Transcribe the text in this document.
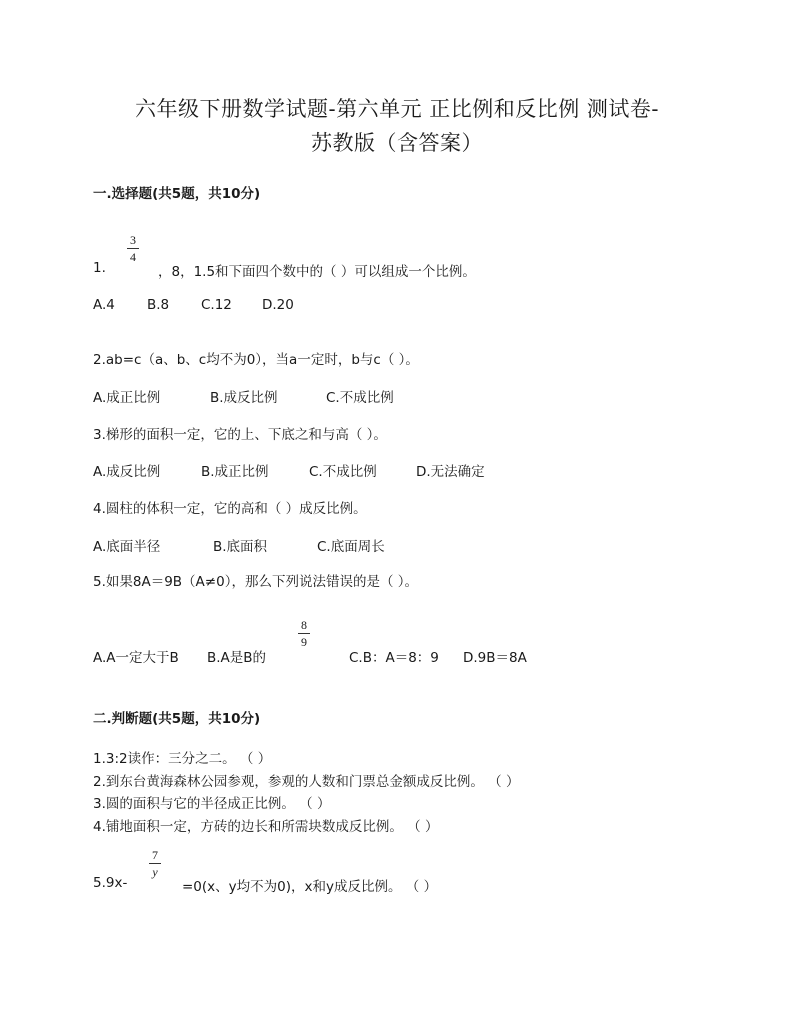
六年级下册数学试题-第六单元 正比例和反比例 测试卷-
苏教版（含答案）
一.选择题(共5题，共10分)
3
4
1.	，8，1.5和下面四个数中的（ ）可以组成一个比例。
A.4 B.8 C.12 D.20
2.ab=c（a、b、c均不为0），当a一定时，b与c（ ）。
A.成正比例	B.成反比例	C.不成比例
3.梯形的面积一定，它的上、下底之和与高（ ）。
A.成反比例	B.成正比例	C.不成比例	D.无法确定
4.圆柱的体积一定，它的高和（ ）成反比例。
A.底面半径	B.底面积	C.底面周长
5.如果8A＝9B（A≠0），那么下列说法错误的是（ ）。
8
9
A.A一定大于B B.A是B的	C.B：A＝8：9 D.9B＝8A
二.判断题(共5题，共10分)
1.3:2读作：三分之二。 （ ）
2.到东台黄海森林公园参观，参观的人数和门票总金额成反比例。 （ ）
3.圆的面积与它的半径成正比例。 （ ）
4.铺地面积一定，方砖的边长和所需块数成反比例。 （ ）
7
y
5.9x-	=0(x、y均不为0)，x和y成反比例。 （ ）
